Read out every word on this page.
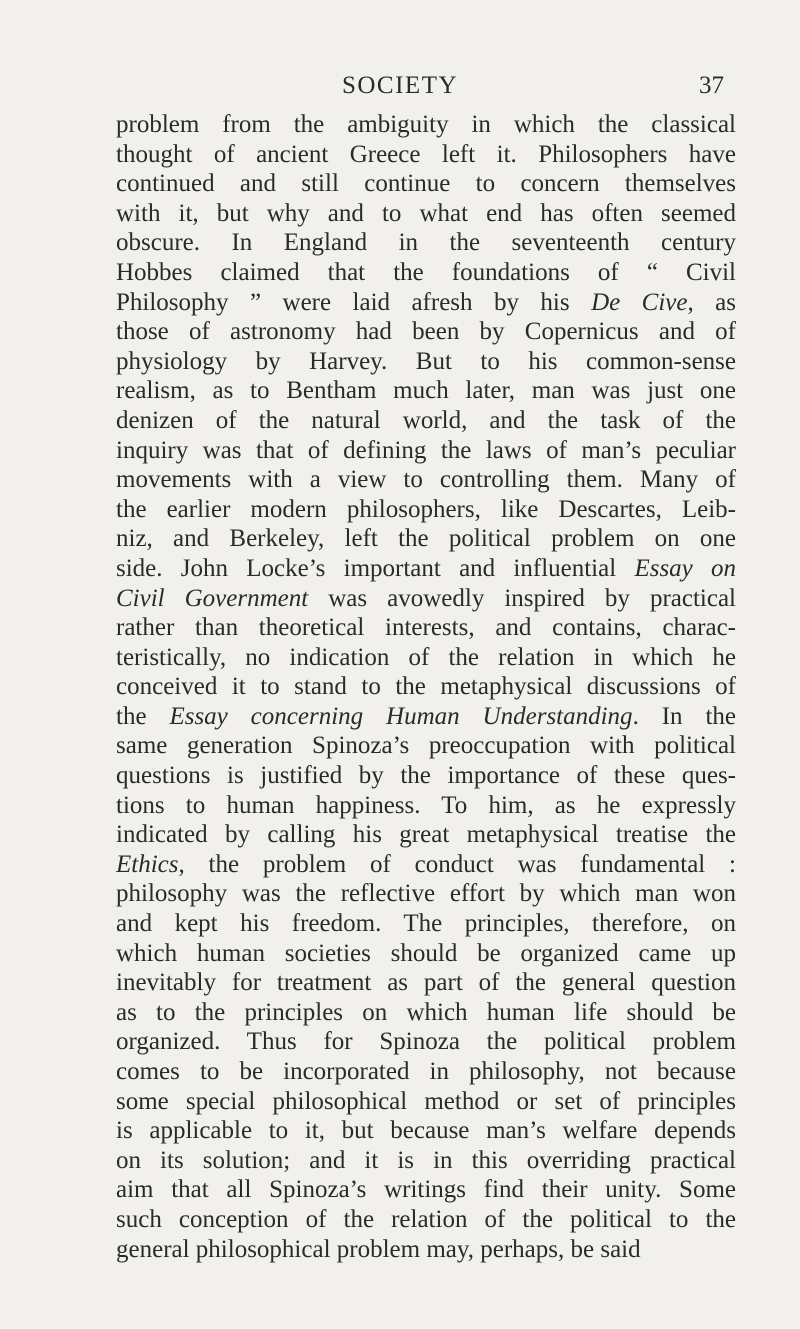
SOCIETY	37
problem from the ambiguity in which the classical
thought of ancient Greece left it. Philosophers have
continued and still continue to concern themselves
with it, but why and to what end has often seemed
obscure. In England in the seventeenth century
Hobbes claimed that the foundations of “ Civil
Philosophy ” were laid afresh by his De Cive, as
those of astronomy had been by Copernicus and of
physiology by Harvey. But to his common-sense
realism, as to Bentham much later, man was just one
denizen of the natural world, and the task of the
inquiry was that of defining the laws of man’s peculiar
movements with a view to controlling them. Many of
the earlier modern philosophers, like Descartes, Leib-
niz, and Berkeley, left the political problem on one
side. John Locke’s important and influential Essay on
Civil Government was avowedly inspired by practical
rather than theoretical interests, and contains, charac-
teristically, no indication of the relation in which he
conceived it to stand to the metaphysical discussions of
the Essay concerning Human Understanding. In the
same generation Spinoza’s preoccupation with political
questions is justified by the importance of these ques-
tions to human happiness. To him, as he expressly
indicated by calling his great metaphysical treatise the
Ethics, the problem of conduct was fundamental :
philosophy was the reflective effort by which man won
and kept his freedom. The principles, therefore, on
which human societies should be organized came up
inevitably for treatment as part of the general question
as to the principles on which human life should be
organized. Thus for Spinoza the political problem
comes to be incorporated in philosophy, not because
some special philosophical method or set of principles
is applicable to it, but because man’s welfare depends
on its solution; and it is in this overriding practical
aim that all Spinoza’s writings find their unity. Some
such conception of the relation of the political to the
general philosophical problem may, perhaps, be said
